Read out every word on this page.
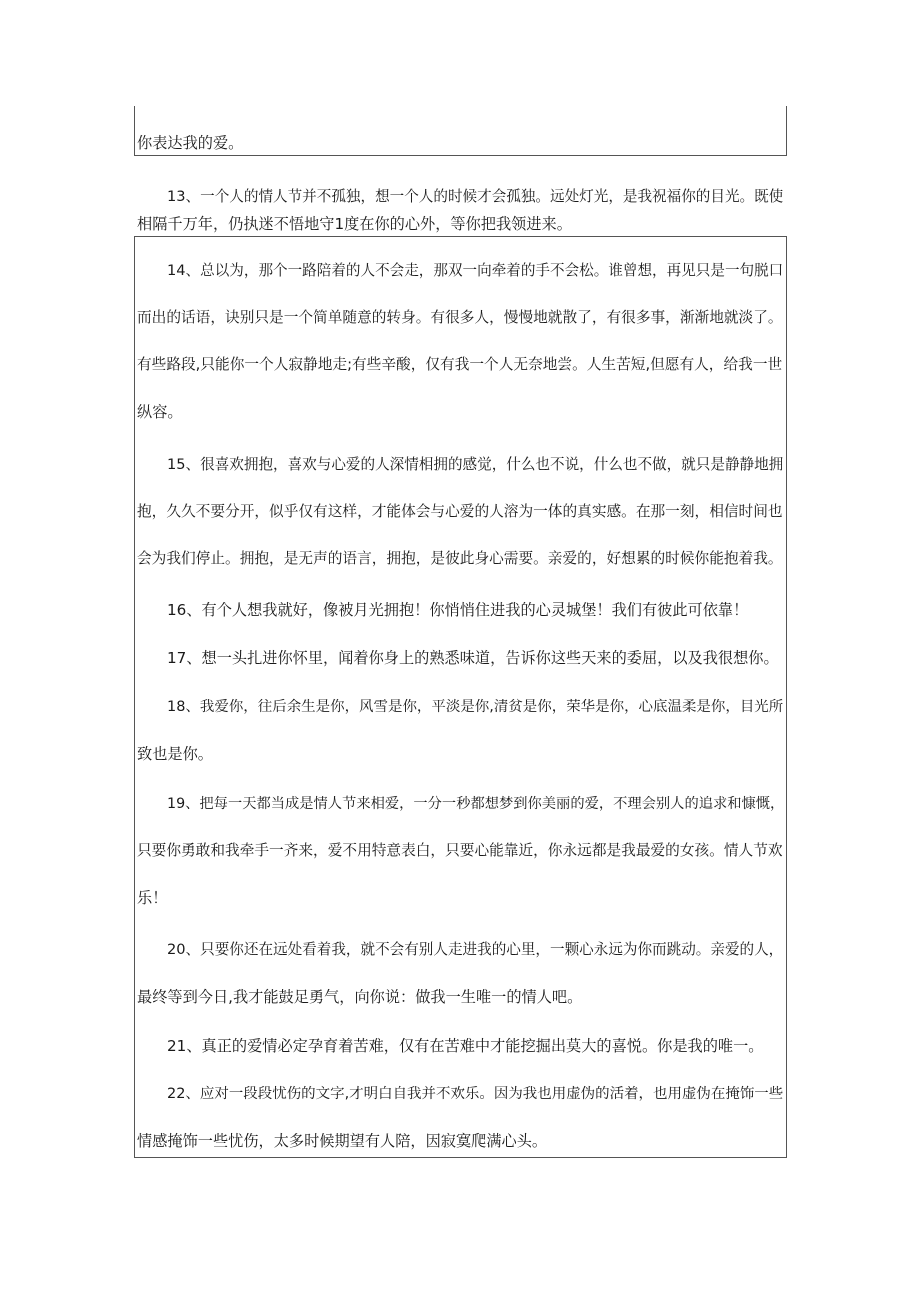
你表达我的爱。

13、一个人的情人节并不孤独，想一个人的时候才会孤独。远处灯光，是我祝福你的目光。既使

相隔千万年，仍执迷不悟地守1度在你的心外，等你把我领进来。

14、总以为，那个一路陪着的人不会走，那双一向牵着的手不会松。谁曾想，再见只是一句脱口

而出的话语，诀别只是一个简单随意的转身。有很多人，慢慢地就散了，有很多事，渐渐地就淡了。

有些路段,只能你一个人寂静地走;有些辛酸，仅有我一个人无奈地尝。人生苦短,但愿有人，给我一世

纵容。

15、很喜欢拥抱，喜欢与心爱的人深情相拥的感觉，什么也不说，什么也不做，就只是静静地拥

抱，久久不要分开，似乎仅有这样，才能体会与心爱的人溶为一体的真实感。在那一刻，相信时间也

会为我们停止。拥抱，是无声的语言，拥抱，是彼此身心需要。亲爱的，好想累的时候你能抱着我。

16、有个人想我就好，像被月光拥抱！你悄悄住进我的心灵城堡！我们有彼此可依靠！

17、想一头扎进你怀里，闻着你身上的熟悉味道，告诉你这些天来的委屈，以及我很想你。

18、我爱你，往后余生是你，风雪是你，平淡是你,清贫是你，荣华是你，心底温柔是你，目光所

致也是你。

19、把每一天都当成是情人节来相爱，一分一秒都想梦到你美丽的爱，不理会别人的追求和慷慨，

只要你勇敢和我牵手一齐来，爱不用特意表白，只要心能靠近，你永远都是我最爱的女孩。情人节欢

乐！

20、只要你还在远处看着我，就不会有别人走进我的心里，一颗心永远为你而跳动。亲爱的人，

最终等到今日,我才能鼓足勇气，向你说：做我一生唯一的情人吧。

21、真正的爱情必定孕育着苦难，仅有在苦难中才能挖掘出莫大的喜悦。你是我的唯一。

22、应对一段段忧伤的文字,才明白自我并不欢乐。因为我也用虚伪的活着，也用虚伪在掩饰一些

情感掩饰一些忧伤，太多时候期望有人陪，因寂寞爬满心头。
